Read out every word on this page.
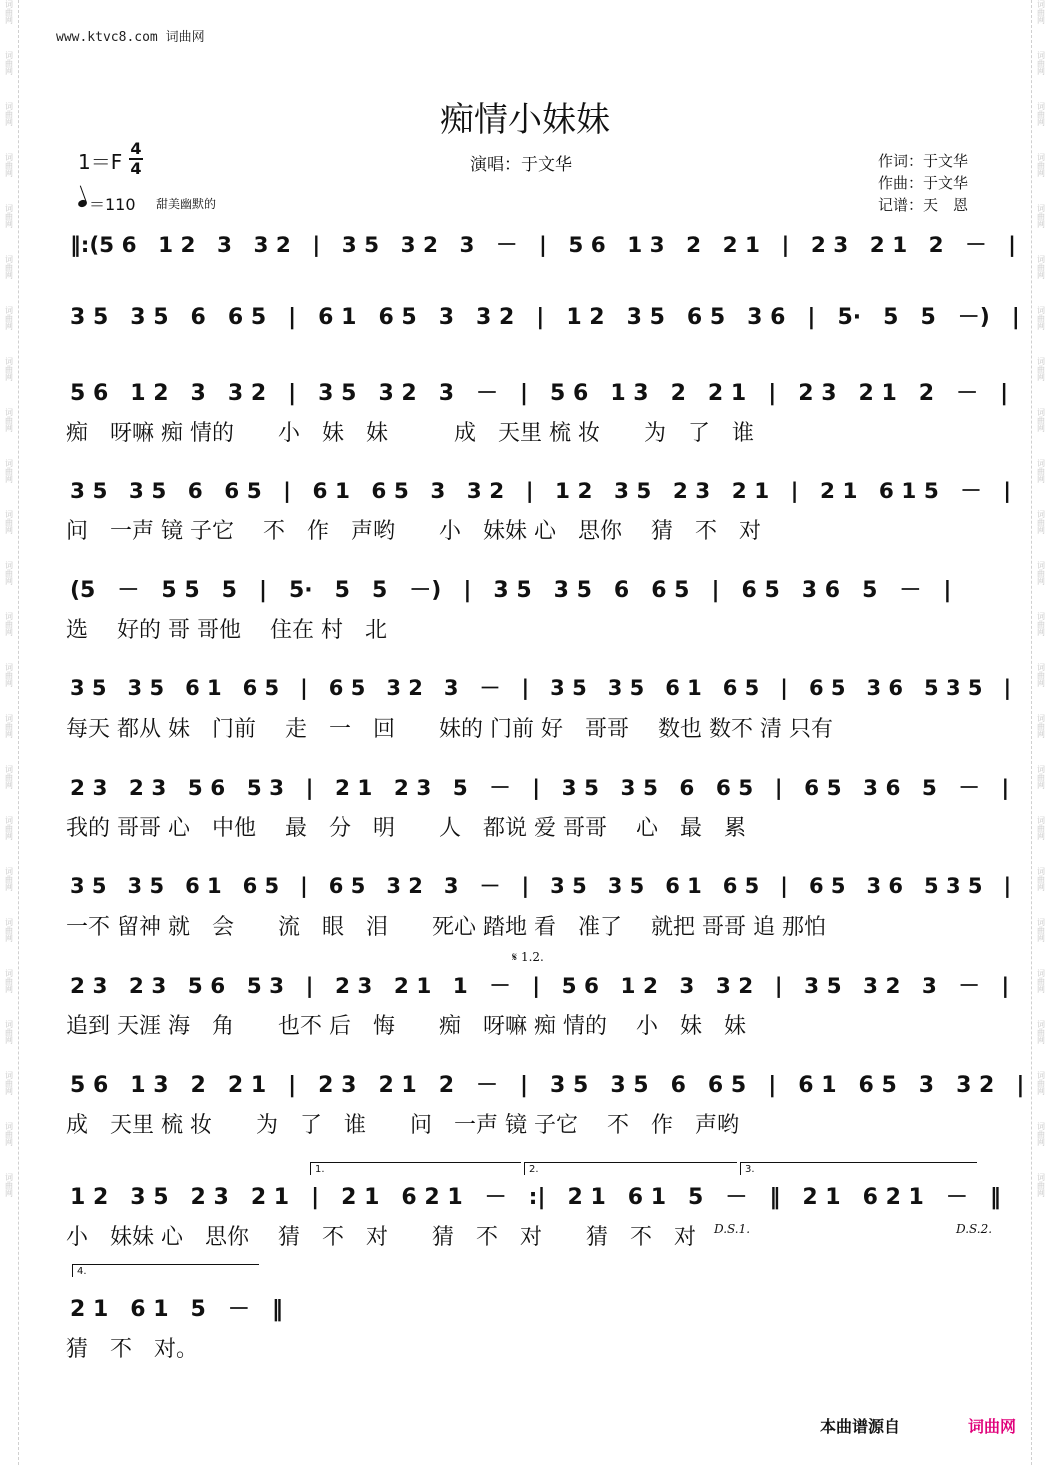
词曲网
词曲网
词曲网
词曲网
词曲网
词曲网
词曲网
词曲网
词曲网
词曲网
词曲网
词曲网
词曲网
词曲网
词曲网
词曲网
词曲网
词曲网
词曲网
词曲网
词曲网
词曲网
词曲网
词曲网
词曲网
词曲网
词曲网
词曲网
词曲网
词曲网
词曲网
词曲网
词曲网
词曲网
词曲网
词曲网
词曲网
词曲网
词曲网
词曲网
词曲网
词曲网
词曲网
词曲网
词曲网
词曲网
词曲网
词曲网
www.ktvc8.com 词曲网
痴情小妹妹
1＝F
4
4
＝110 甜美幽默的
演唱：于文华	作词：于文华
作曲：于文华
记谱：天　恩
‖:(5 6　1 2　3　3 2　|　3 5　3 2　3　－　|　5 6　1 3　2　2 1　|　2 3　2 1　2　－　|
3 5　3 5　6　6 5　|　6 1　6 5　3　3 2　|　1 2　3 5　6 5　3 6　|　5·　5　5　－)　|
5 6　1 2　3　3 2　|　3 5　3 2　3　－　|　5 6　1 3　2　2 1　|　2 3　2 1　2　－　|
痴　呀嘛 痴 情的　　小　妹　妹　　　成　天里 梳 妆　　为　了　谁
3 5　3 5　6　6 5　|　6 1　6 5　3　3 2　|　1 2　3 5　2 3　2 1　|　2 1　6 1 5　－　|
问　一声 镜 子它　 不　作　声哟　　小　妹妹 心　思你　 猜　不　对
(5　－　5 5　5　|　5·　5　5　－)　|　3 5　3 5　6　6 5　|　6 5　3 6　5　－　|
选　 好的 哥 哥他　 住在 村　北
3 5　3 5　6 1　6 5　|　6 5　3 2　3　－　|　3 5　3 5　6 1　6 5　|　6 5　3 6　5 3 5　|
每天 都从 妹　门前　 走　一　回　　妹的 门前 好　哥哥　 数也 数不 清 只有
2 3　2 3　5 6　5 3　|　2 1　2 3　5　－　|　3 5　3 5　6　6 5　|　6 5　3 6　5　－　|
我的 哥哥 心　中他　 最　分　明　　人　都说 爱 哥哥　 心　最　累
3 5　3 5　6 1　6 5　|　6 5　3 2　3　－　|　3 5　3 5　6 1　6 5　|　6 5　3 6　5 3 5　|
一不 留神 就　会　　流　眼　泪　　死心 踏地 看　准了　 就把 哥哥 追 那怕
2 3　2 3　5 6　5 3　|　2 3　2 1　1　－　|　5 6　1 2　3　3 2　|　3 5　3 2　3　－　|
追到 天涯 海　角　　也不 后　悔　　痴　呀嘛 痴 情的　 小　妹　妹
5 6　1 3　2　2 1　|　2 3　2 1　2　－　|　3 5　3 5　6　6 5　|　6 1　6 5　3　3 2　|
成　天里 梳 妆　　为　了　谁　　问　一声 镜 子它　 不　作　声哟
1 2　3 5　2 3　2 1　|　2 1　6 2 1　－　:|　2 1　6 1　5　－　‖　2 1　6 2 1　－　‖
小　妹妹 心　思你　 猜　不　对　　猜　不　对　　猜　不　对
2 1　6 1　5　－　‖
猜　不　对。
1.	2.	3.
4.
𝄋 1.2.
D.S.1.	D.S.2.
本曲谱源自	词曲网
